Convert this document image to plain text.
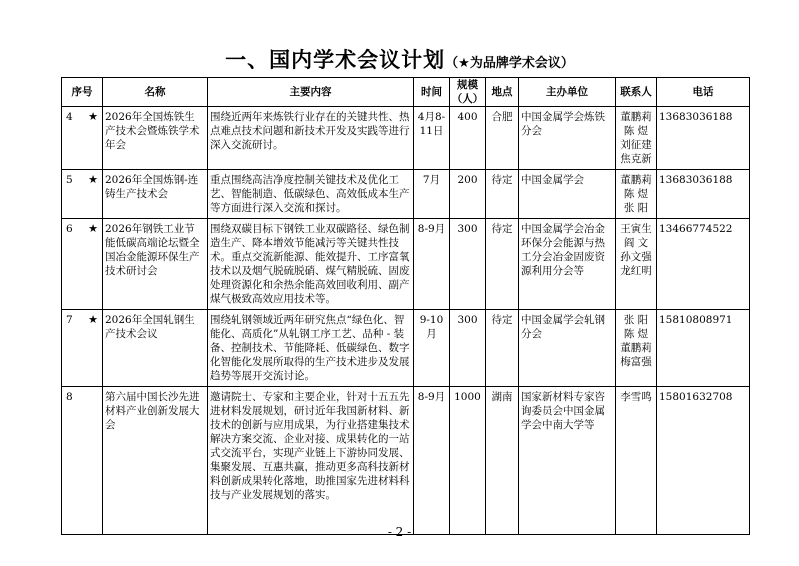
一、国内学术会议计划（★为品牌学术会议）
序号	名称	主要内容	时间	规模（人）	地点	主办单位	联系人	电话

4 ★	2026年全国炼铁生产技术会暨炼铁学术年会	围绕近两年来炼铁行业存在的关键共性、热点难点技术问题和新技术开发及实践等进行深入交流研讨。	4月8-11日	400	合肥	中国金属学会炼铁分会	董鹏莉 陈 煜 刘征建 焦克新	13683036188

5 ★	2026年全国炼钢-连铸生产技术会	重点围绕高洁净度控制关键技术及优化工艺、智能制造、低碳绿色、高效低成本生产等方面进行深入交流和探讨。	7月	200	待定	中国金属学会	董鹏莉 陈 煜 张 阳	13683036188

6 ★	2026年钢铁工业节能低碳高端论坛暨全国冶金能源环保生产技术研讨会	围绕双碳目标下钢铁工业双碳路径、绿色制造生产、降本增效节能减污等关键共性技术。重点交流新能源、能效提升、工序富氧技术以及烟气脱硫脱硝、煤气精脱硫、固废处理资源化和余热余能高效回收利用、副产煤气极致高效应用技术等。	8-9月	300	待定	中国金属学会冶金环保分会能源与热工分会冶金固废资源利用分会等	王寅生 阎 文 孙文强 龙红明	13466774522

7 ★	2026年全国轧钢生产技术会议	围绕轧钢领域近两年研究焦点“绿色化、智能化、高质化”从轧钢工序工艺、品种 - 装备、控制技术、节能降耗、低碳绿色、数字化智能化发展所取得的生产技术进步及发展趋势等展开交流讨论。	9-10月	300	待定	中国金属学会轧钢分会	张 阳 陈 煜 董鹏莉 梅富强	15810808971

8	第六届中国长沙先进材料产业创新发展大会	邀请院士、专家和主要企业，针对十五五先进材料发展规划，研讨近年我国新材料、新技术的创新与应用成果，为行业搭建集技术解决方案交流、企业对接、成果转化的一站式交流平台，实现产业链上下游协同发展、集聚发展、互惠共赢，推动更多高科技新材料创新成果转化落地，助推国家先进材料科技与产业发展规划的落实。	8-9月	1000	湖南	国家新材料专家咨询委员会中国金属学会中南大学等	李雪鸣	15801632708
- 2 -
